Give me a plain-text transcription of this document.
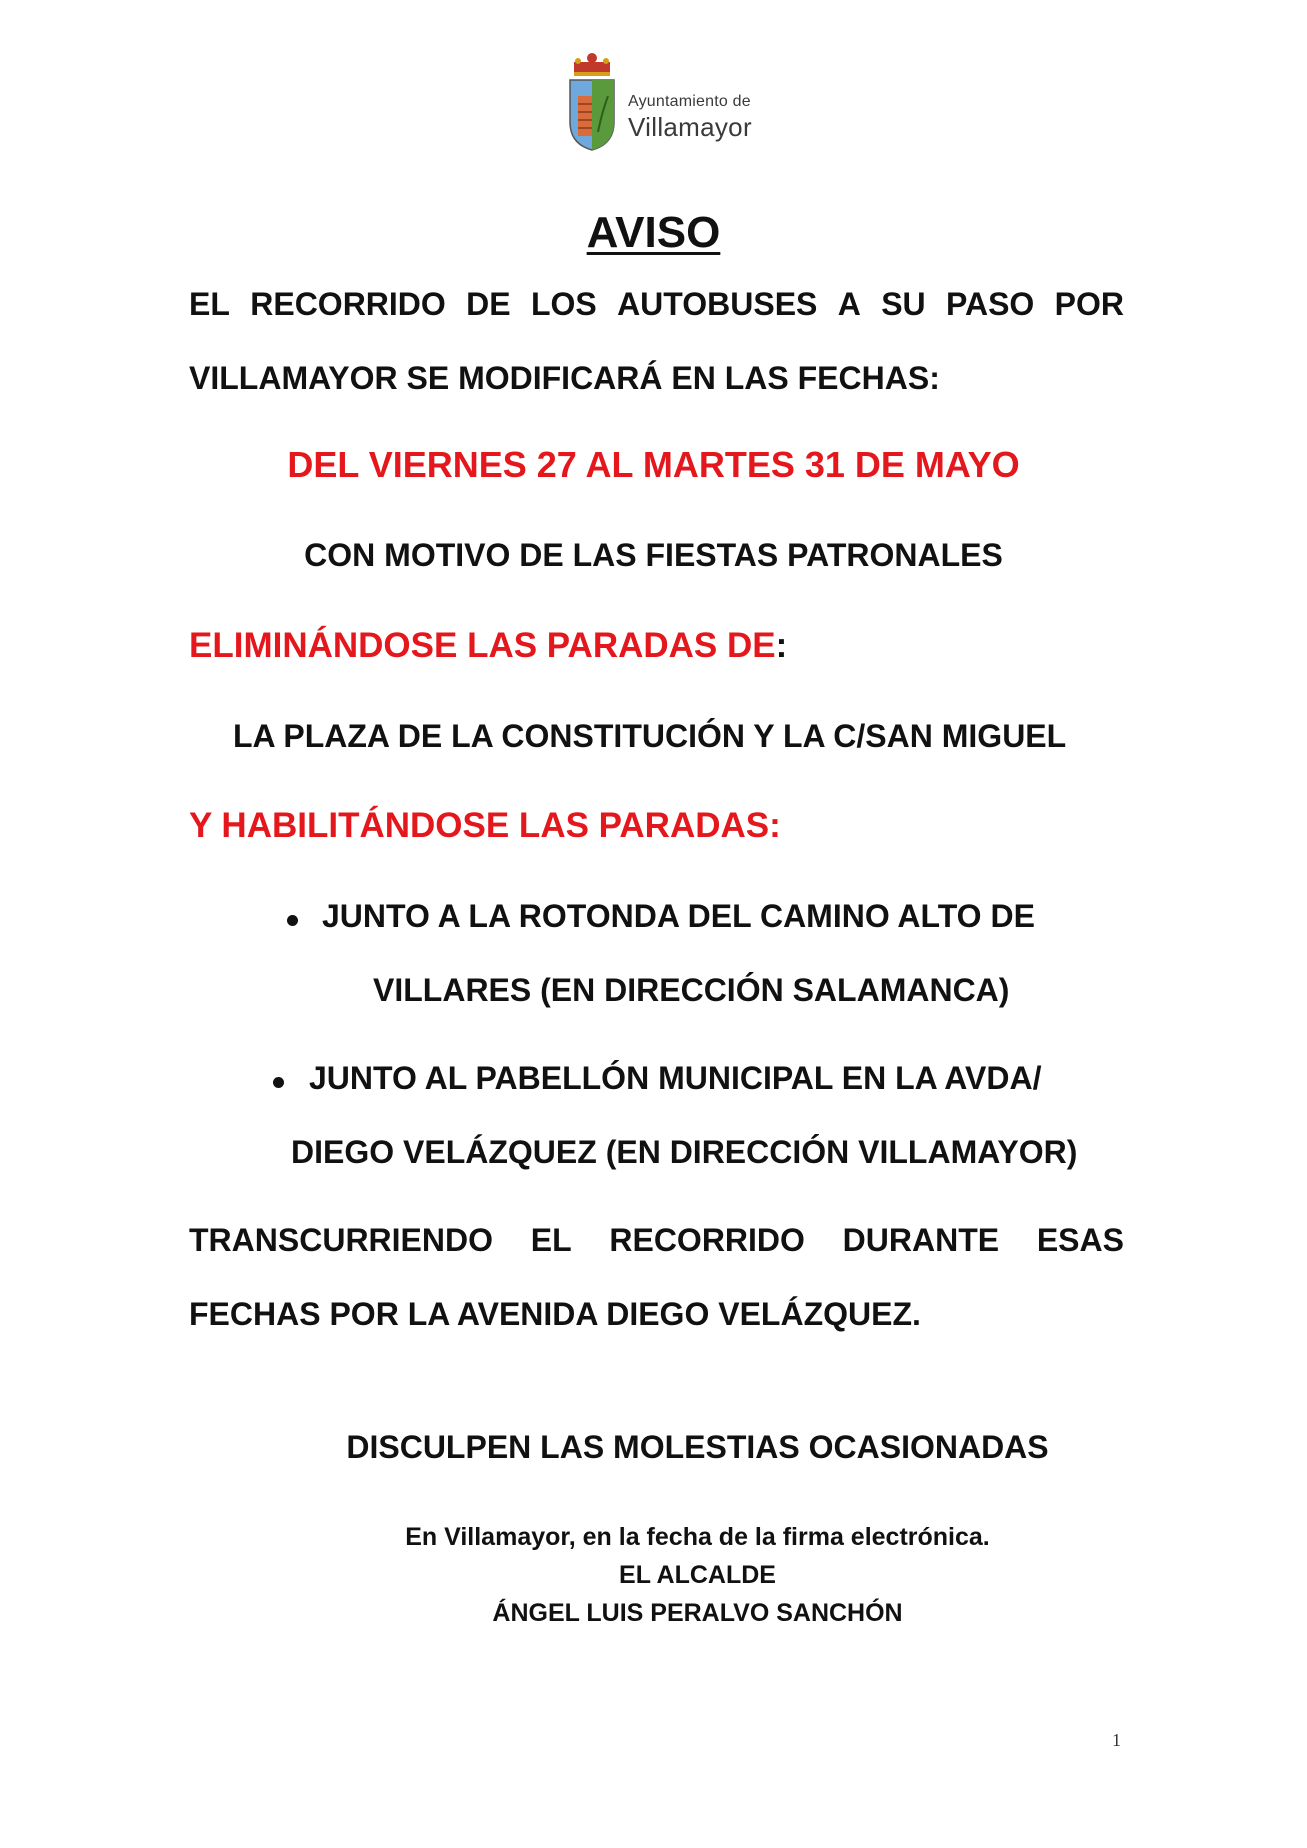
Ayuntamiento de
Villamayor
AVISO
EL RECORRIDO DE LOS AUTOBUSES A SU PASO POR
VILLAMAYOR SE MODIFICARÁ EN LAS FECHAS:
DEL VIERNES 27 AL MARTES 31 DE MAYO
CON MOTIVO DE LAS FIESTAS PATRONALES
ELIMINÁNDOSE LAS PARADAS DE:
LA PLAZA DE LA CONSTITUCIÓN Y LA C/SAN MIGUEL
Y HABILITÁNDOSE LAS PARADAS:
JUNTO A LA ROTONDA DEL CAMINO ALTO DE
VILLARES (EN DIRECCIÓN SALAMANCA)
JUNTO AL PABELLÓN MUNICIPAL EN LA AVDA/
DIEGO VELÁZQUEZ (EN DIRECCIÓN VILLAMAYOR)
TRANSCURRIENDO EL RECORRIDO DURANTE ESAS
FECHAS POR LA AVENIDA DIEGO VELÁZQUEZ.
DISCULPEN LAS MOLESTIAS OCASIONADAS
En Villamayor, en la fecha de la firma electrónica.
EL ALCALDE
ÁNGEL LUIS PERALVO SANCHÓN
1
